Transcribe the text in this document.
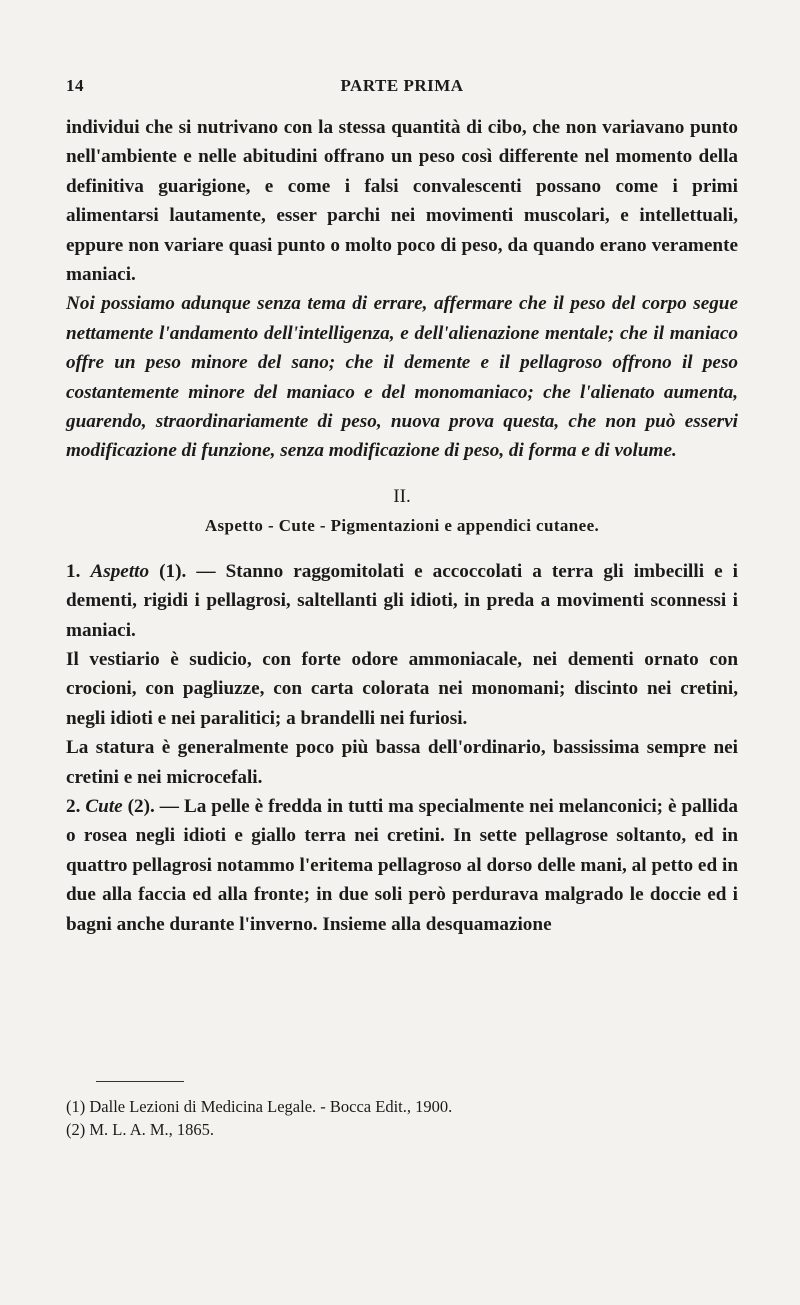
14	PARTE PRIMA

individui che si nutrivano con la stessa quantità di cibo, che non variavano punto nell'ambiente e nelle abitudini offrano un peso così differente nel momento della definitiva guarigione, e come i falsi convalescenti possano come i primi alimentarsi lautamente, esser parchi nei movimenti muscolari, e intellettuali, eppure non variare quasi punto o molto poco di peso, da quando erano veramente maniaci.

Noi possiamo adunque senza tema di errare, affermare che il peso del corpo segue nettamente l'andamento dell'intelligenza, e dell'alienazione mentale; che il maniaco offre un peso minore del sano; che il demente e il pellagroso offrono il peso costantemente minore del maniaco e del monomaniaco; che l'alienato aumenta, guarendo, straordinariamente di peso, nuova prova questa, che non può esservi modificazione di funzione, senza modificazione di peso, di forma e di volume.

II.
Aspetto - Cute - Pigmentazioni e appendici cutanee.

1. Aspetto (1). — Stanno raggomitolati e accoccolati a terra gli imbecilli e i dementi, rigidi i pellagrosi, saltellanti gli idioti, in preda a movimenti sconnessi i maniaci.

Il vestiario è sudicio, con forte odore ammoniacale, nei dementi ornato con crocioni, con pagliuzze, con carta colorata nei monomani; discinto nei cretini, negli idioti e nei paralitici; a brandelli nei furiosi.

La statura è generalmente poco più bassa dell'ordinario, bassissima sempre nei cretini e nei microcefali.

2. Cute (2). — La pelle è fredda in tutti ma specialmente nei melanconici; è pallida o rosea negli idioti e giallo terra nei cretini. In sette pellagrose soltanto, ed in quattro pellagrosi notammo l'eritema pellagroso al dorso delle mani, al petto ed in due alla faccia ed alla fronte; in due soli però perdurava malgrado le doccie ed i bagni anche durante l'inverno. Insieme alla desquamazione

(1) Dalle Lezioni di Medicina Legale. - Bocca Edit., 1900.
(2) M. L. A. M., 1865.
